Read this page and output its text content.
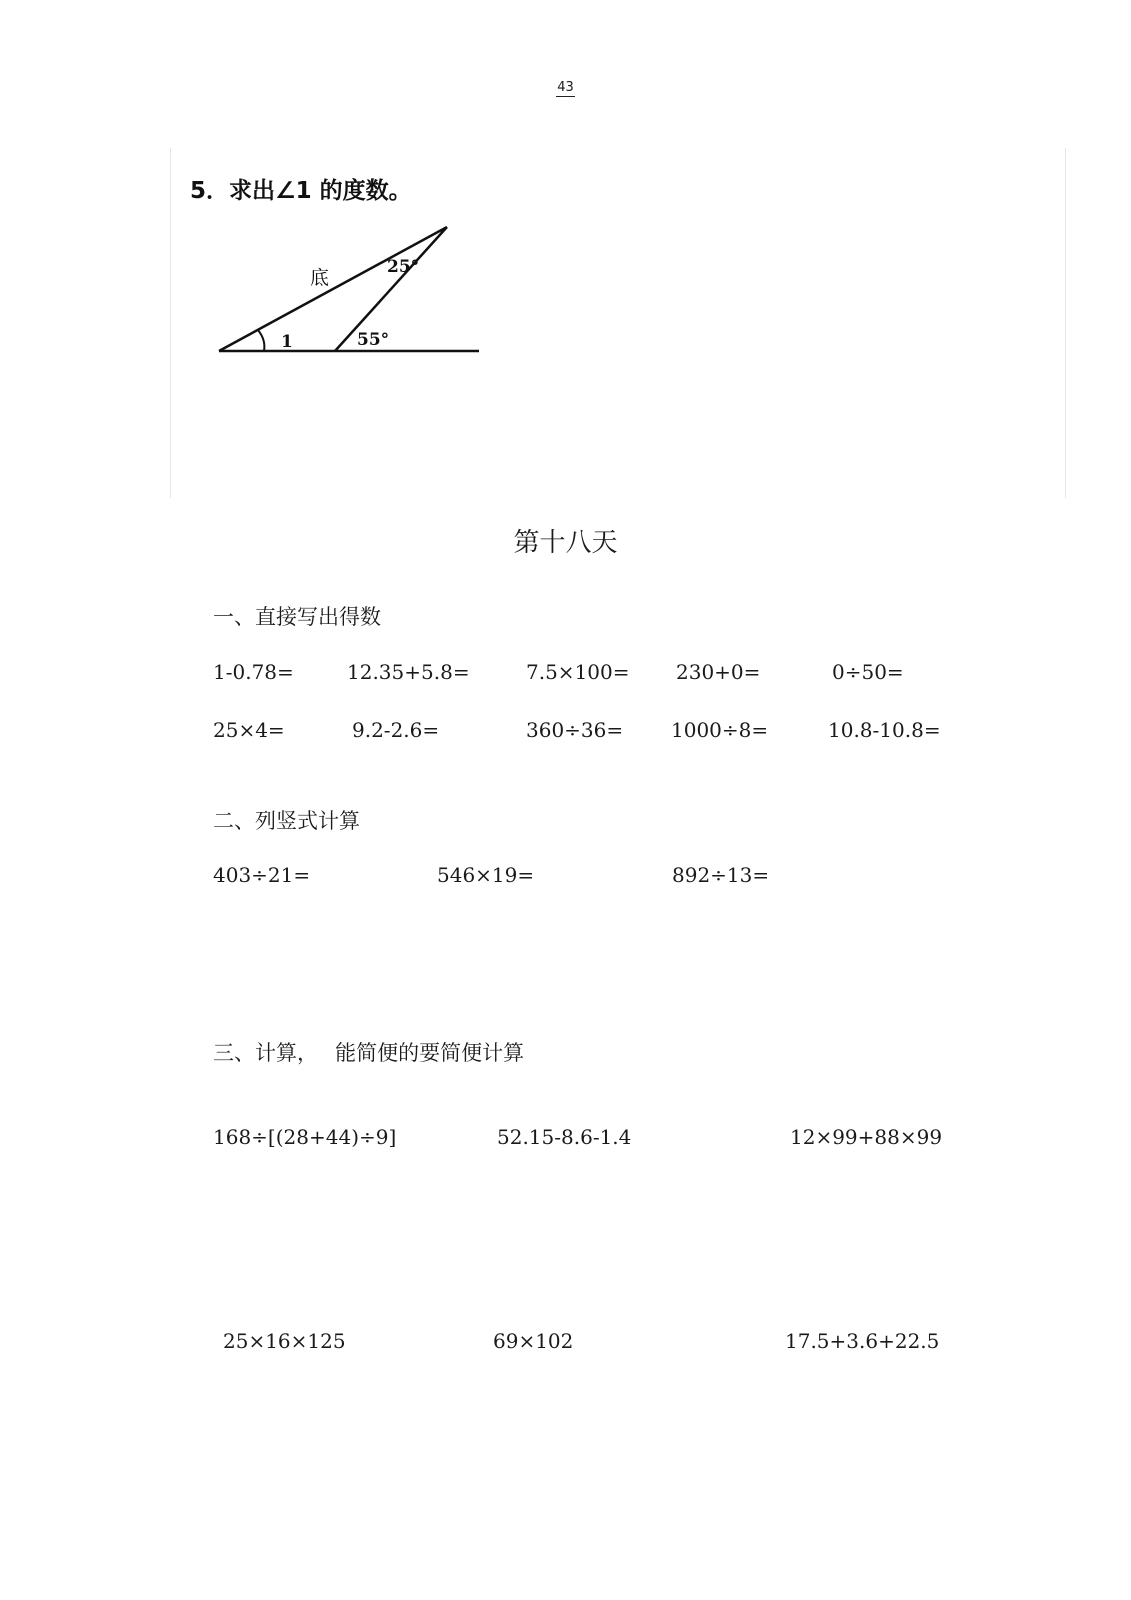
43
5．求出∠1 的度数。
底	25°
55°
1
第十八天
一、直接写出得数
1-0.78=	12.35+5.8=	7.5×100= 230+0=	0÷50=
25×4=	9.2-2.6=	360÷36= 1000÷8=	10.8-10.8=
二、列竖式计算
403÷21=	546×19=	892÷13=
三、计算，　 能简便的要简便计算
168÷[(28+44)÷9]	52.15-8.6-1.4	12×99+88×99
25×16×125	69×102	17.5+3.6+22.5
